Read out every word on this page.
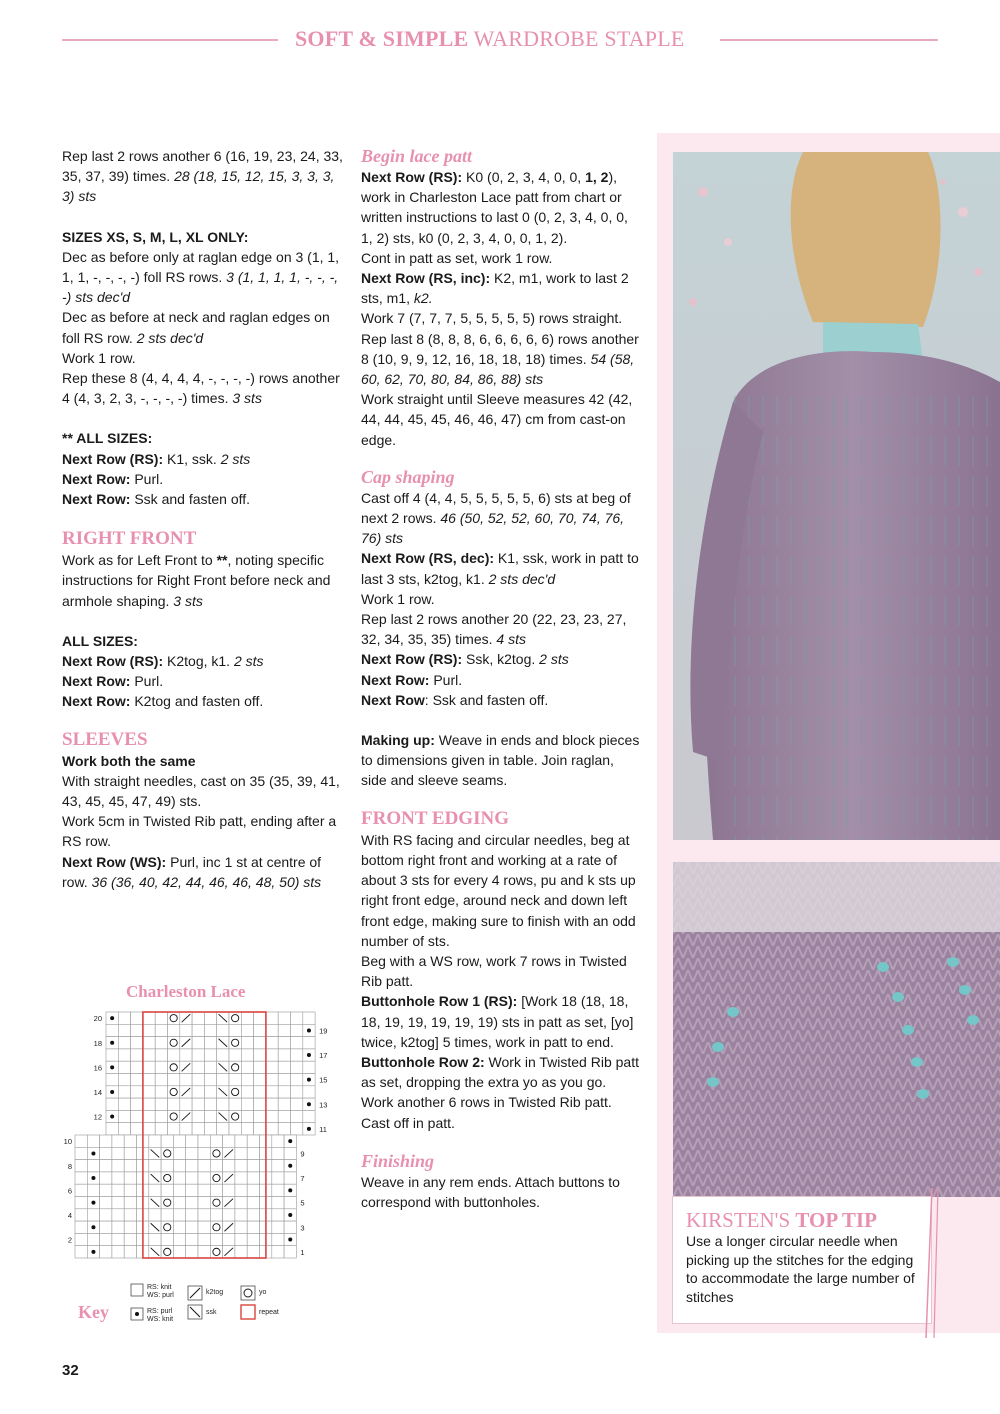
SOFT & SIMPLE WARDROBE STAPLE

Rep last 2 rows another 6 (16, 19, 23, 24, 33, 35, 37, 39) times. 28 (18, 15, 12, 15, 3, 3, 3, 3) sts

SIZES XS, S, M, L, XL ONLY:

Dec as before only at raglan edge on 3 (1, 1, 1, 1, -, -, -, -) foll RS rows. 3 (1, 1, 1, 1, -, -, -, -) sts dec'd

Dec as before at neck and raglan edges on foll RS row. 2 sts dec'd

Work 1 row.

Rep these 8 (4, 4, 4, 4, -, -, -, -) rows another 4 (4, 3, 2, 3, -, -, -, -) times. 3 sts

** ALL SIZES:

Next Row (RS): K1, ssk. 2 sts

Next Row: Purl.

Next Row: Ssk and fasten off.

RIGHT FRONT

Work as for Left Front to **, noting specific instructions for Right Front before neck and armhole shaping. 3 sts

ALL SIZES:

Next Row (RS): K2tog, k1. 2 sts

Next Row: Purl.

Next Row: K2tog and fasten off.

SLEEVES

Work both the same

With straight needles, cast on 35 (35, 39, 41, 43, 45, 45, 47, 49) sts.

Work 5cm in Twisted Rib patt, ending after a RS row.

Next Row (WS): Purl, inc 1 st at centre of row. 36 (36, 40, 42, 44, 46, 46, 48, 50) sts

Begin lace patt

Next Row (RS): K0 (0, 2, 3, 4, 0, 0, 1, 2), work in Charleston Lace patt from chart or written instructions to last 0 (0, 2, 3, 4, 0, 0, 1, 2) sts, k0 (0, 2, 3, 4, 0, 0, 1, 2).

Cont in patt as set, work 1 row.

Next Row (RS, inc): K2, m1, work to last 2 sts, m1, k2.

Work 7 (7, 7, 7, 5, 5, 5, 5, 5) rows straight.

Rep last 8 (8, 8, 8, 6, 6, 6, 6, 6) rows another 8 (10, 9, 9, 12, 16, 18, 18, 18) times. 54 (58, 60, 62, 70, 80, 84, 86, 88) sts

Work straight until Sleeve measures 42 (42, 44, 44, 45, 45, 46, 46, 47) cm from cast-on edge.

Cap shaping

Cast off 4 (4, 4, 5, 5, 5, 5, 5, 6) sts at beg of next 2 rows. 46 (50, 52, 52, 60, 70, 74, 76, 76) sts

Next Row (RS, dec): K1, ssk, work in patt to last 3 sts, k2tog, k1. 2 sts dec'd

Work 1 row.

Rep last 2 rows another 20 (22, 23, 23, 27, 32, 34, 35, 35) times. 4 sts

Next Row (RS): Ssk, k2tog. 2 sts

Next Row: Purl.

Next Row: Ssk and fasten off.

Making up: Weave in ends and block pieces to dimensions given in table. Join raglan, side and sleeve seams.

FRONT EDGING

With RS facing and circular needles, beg at bottom right front and working at a rate of about 3 sts for every 4 rows, pu and k sts up right front edge, around neck and down left front edge, making sure to finish with an odd number of sts.

Beg with a WS row, work 7 rows in Twisted Rib patt.

Buttonhole Row 1 (RS): [Work 18 (18, 18, 18, 19, 19, 19, 19, 19) sts in patt as set, [yo] twice, k2tog] 5 times, work in patt to end.

Buttonhole Row 2: Work in Twisted Rib patt as set, dropping the extra yo as you go.

Work another 6 rows in Twisted Rib patt.

Cast off in patt.

Finishing

Weave in any rem ends. Attach buttons to correspond with buttonholes.

KIRSTEN'S TOP TIP
Use a longer circular needle when picking up the stitches for the edging to accommodate the large number of stitches
Charleston Lace
20
18
16
14
12
19
17
15
13
11
10
8
6
4
2
9
7
5
3
1
RS: knit
WS: purl
RS: purl
WS: knit
k2tog
ssk
yo
repeat
Key
32
